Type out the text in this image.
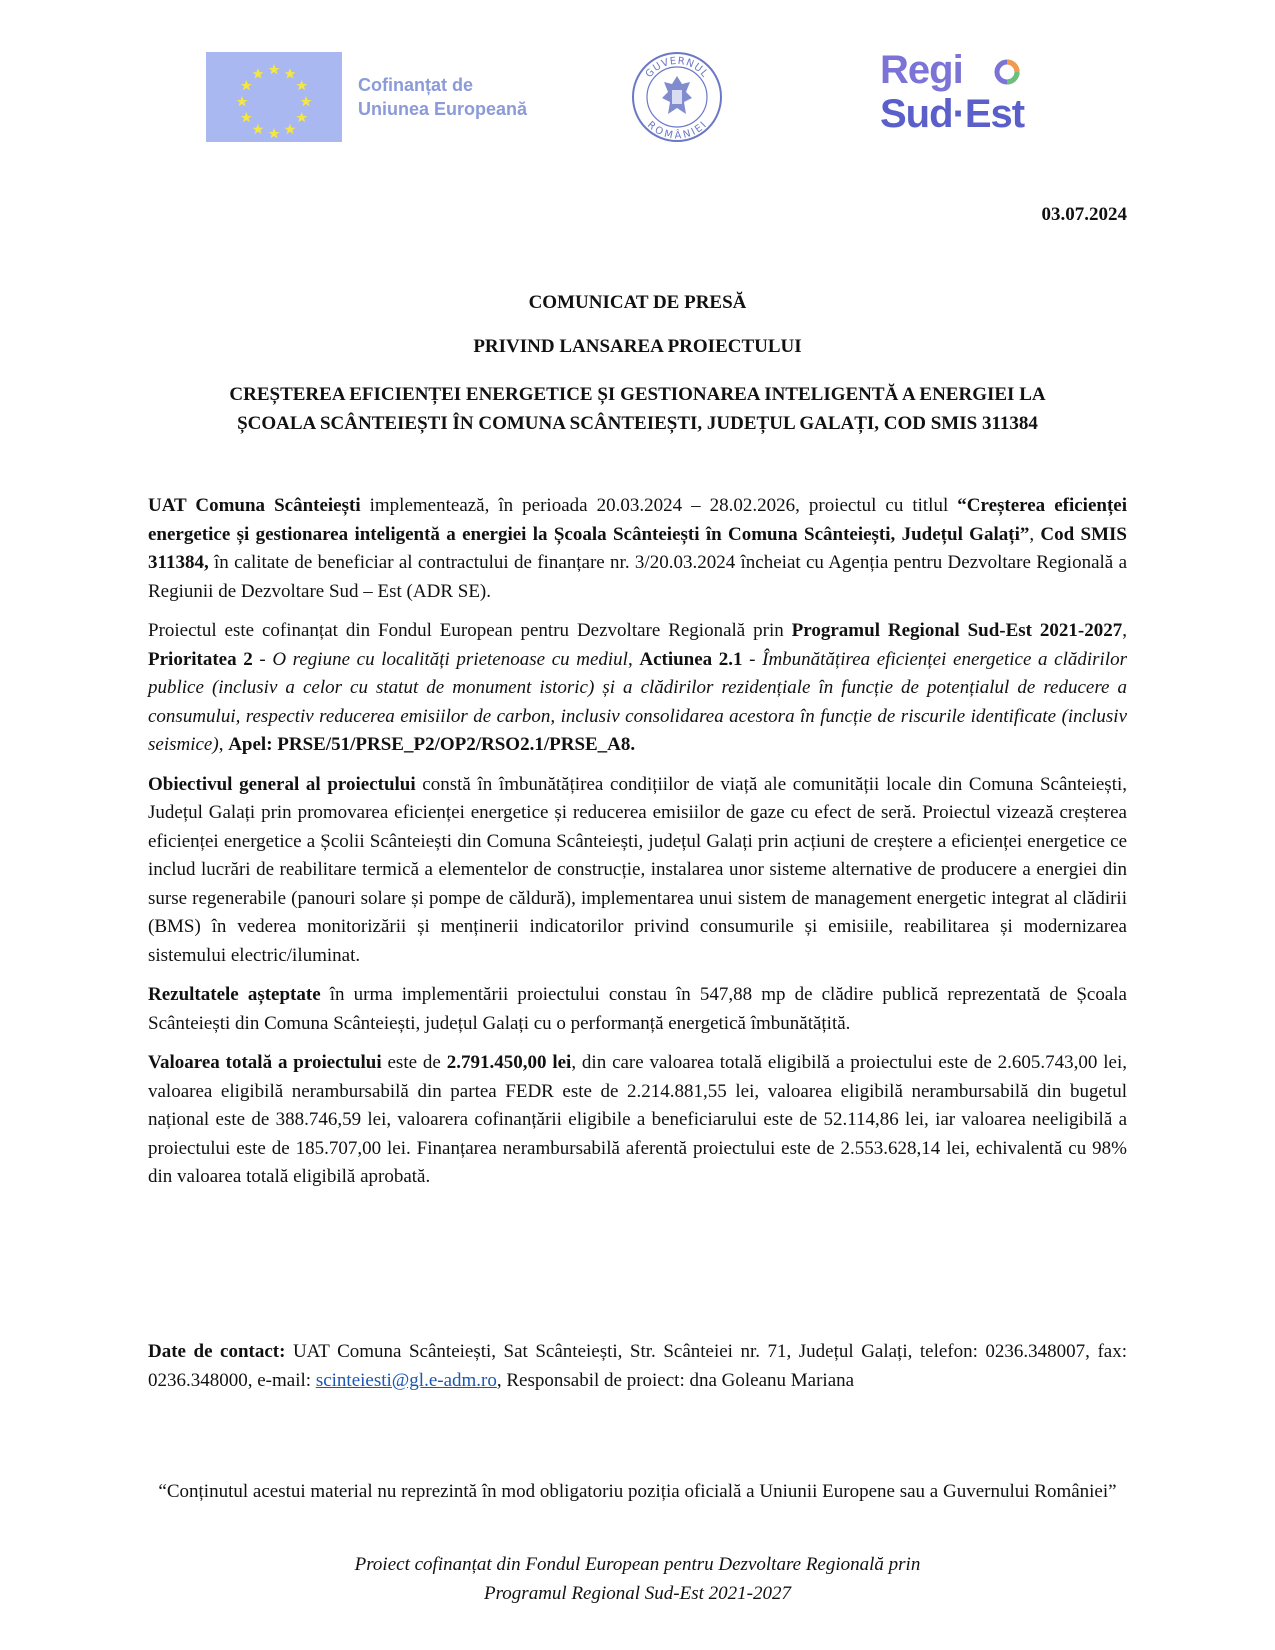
Cofinanțat de
Uniunea Europeană
GUVERNUL
ROMÂNIEI
Regi
Sud·Est
03.07.2024
COMUNICAT DE PRESĂ
PRIVIND LANSAREA PROIECTULUI
CREȘTEREA EFICIENȚEI ENERGETICE ȘI GESTIONAREA INTELIGENTĂ A ENERGIEI LA
ȘCOALA SCÂNTEIEȘTI ÎN COMUNA SCÂNTEIEȘTI, JUDEȚUL GALAȚI, COD SMIS 311384

UAT Comuna Scânteiești implementează, în perioada 20.03.2024 – 28.02.2026, proiectul cu titlul “Creșterea eficienței energetice și gestionarea inteligentă a energiei la Școala Scânteiești în Comuna Scânteiești, Județul Galați”, Cod SMIS 311384, în calitate de beneficiar al contractului de finanțare nr. 3/20.03.2024 încheiat cu Agenția pentru Dezvoltare Regională a Regiunii de Dezvoltare Sud – Est (ADR SE).

Proiectul este cofinanțat din Fondul European pentru Dezvoltare Regională prin Programul Regional Sud-Est 2021-2027, Prioritatea 2 - O regiune cu localități prietenoase cu mediul, Actiunea 2.1 - Îmbunătățirea eficienței energetice a clădirilor publice (inclusiv a celor cu statut de monument istoric) și a clădirilor rezidențiale în funcție de potențialul de reducere a consumului, respectiv reducerea emisiilor de carbon, inclusiv consolidarea acestora în funcție de riscurile identificate (inclusiv seismice), Apel: PRSE/51/PRSE_P2/OP2/RSO2.1/PRSE_A8.

Obiectivul general al proiectului constă în îmbunătățirea condițiilor de viață ale comunității locale din Comuna Scânteiești, Județul Galați prin promovarea eficienței energetice și reducerea emisiilor de gaze cu efect de seră. Proiectul vizează creșterea eficienței energetice a Școlii Scânteiești din Comuna Scânteiești, județul Galați prin acțiuni de creștere a eficienței energetice ce includ lucrări de reabilitare termică a elementelor de construcție, instalarea unor sisteme alternative de producere a energiei din surse regenerabile (panouri solare și pompe de căldură), implementarea unui sistem de management energetic integrat al clădirii (BMS) în vederea monitorizării și menținerii indicatorilor privind consumurile și emisiile, reabilitarea și modernizarea sistemului electric/iluminat.

Rezultatele așteptate în urma implementării proiectului constau în 547,88 mp de clădire publică reprezentată de Școala Scânteiești din Comuna Scânteiești, județul Galați cu o performanță energetică îmbunătățită.

Valoarea totală a proiectului este de 2.791.450,00 lei, din care valoarea totală eligibilă a proiectului este de 2.605.743,00 lei, valoarea eligibilă nerambursabilă din partea FEDR este de 2.214.881,55 lei, valoarea eligibilă nerambursabilă din bugetul național este de 388.746,59 lei, valoarera cofinanțării eligibile a beneficiarului este de 52.114,86 lei, iar valoarea neeligibilă a proiectului este de 185.707,00 lei. Finanțarea nerambursabilă aferentă proiectului este de 2.553.628,14 lei, echivalentă cu 98% din valoarea totală eligibilă aprobată.

Date de contact: UAT Comuna Scânteiești, Sat Scânteiești, Str. Scânteiei nr. 71, Județul Galați, telefon: 0236.348007, fax: 0236.348000, e-mail: scinteiesti@gl.e-adm.ro, Responsabil de proiect: dna Goleanu Mariana
“Conținutul acestui material nu reprezintă în mod obligatoriu poziția oficială a Uniunii Europene sau a Guvernului României”
Proiect cofinanțat din Fondul European pentru Dezvoltare Regională prin
Programul Regional Sud-Est 2021-2027
